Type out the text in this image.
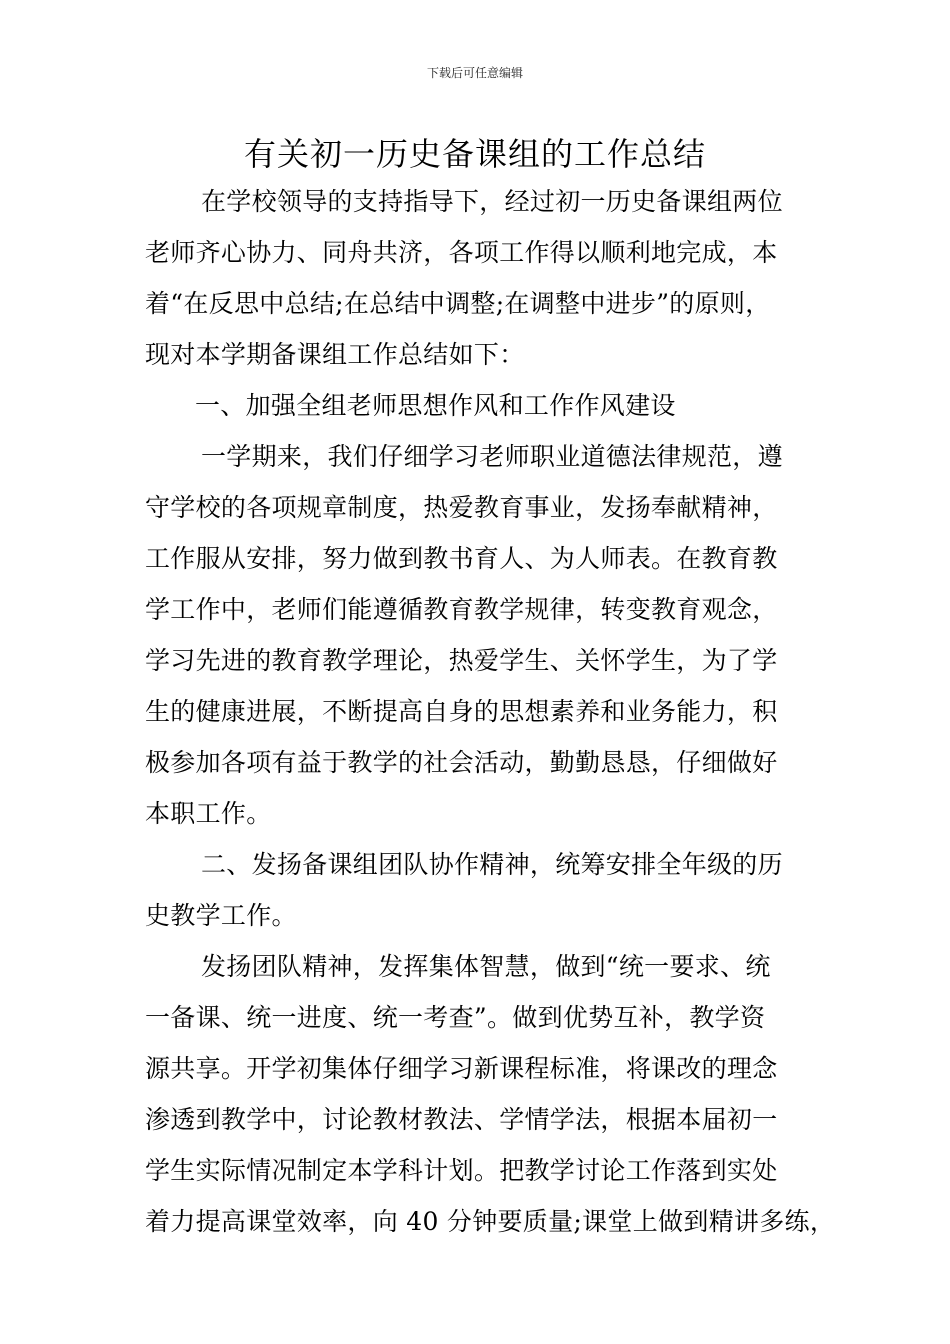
下载后可任意编辑
有关初一历史备课组的工作总结
在学校领导的支持指导下，经过初一历史备课组两位
老师齐心协力、同舟共济，各项工作得以顺利地完成，本
着“在反思中总结;在总结中调整;在调整中进步”的原则，
现对本学期备课组工作总结如下：
一、加强全组老师思想作风和工作作风建设
一学期来，我们仔细学习老师职业道德法律规范，遵
守学校的各项规章制度，热爱教育事业，发扬奉献精神，
工作服从安排，努力做到教书育人、为人师表。在教育教
学工作中，老师们能遵循教育教学规律，转变教育观念，
学习先进的教育教学理论，热爱学生、关怀学生，为了学
生的健康进展，不断提高自身的思想素养和业务能力，积
极参加各项有益于教学的社会活动，勤勤恳恳，仔细做好
本职工作。
二、发扬备课组团队协作精神，统筹安排全年级的历
史教学工作。
发扬团队精神，发挥集体智慧，做到“统一要求、统
一备课、统一进度、统一考查”。做到优势互补，教学资
源共享。开学初集体仔细学习新课程标准，将课改的理念
渗透到教学中，讨论教材教法、学情学法，根据本届初一
学生实际情况制定本学科计划。把教学讨论工作落到实处
着力提高课堂效率，向 40 分钟要质量;课堂上做到精讲多练，
